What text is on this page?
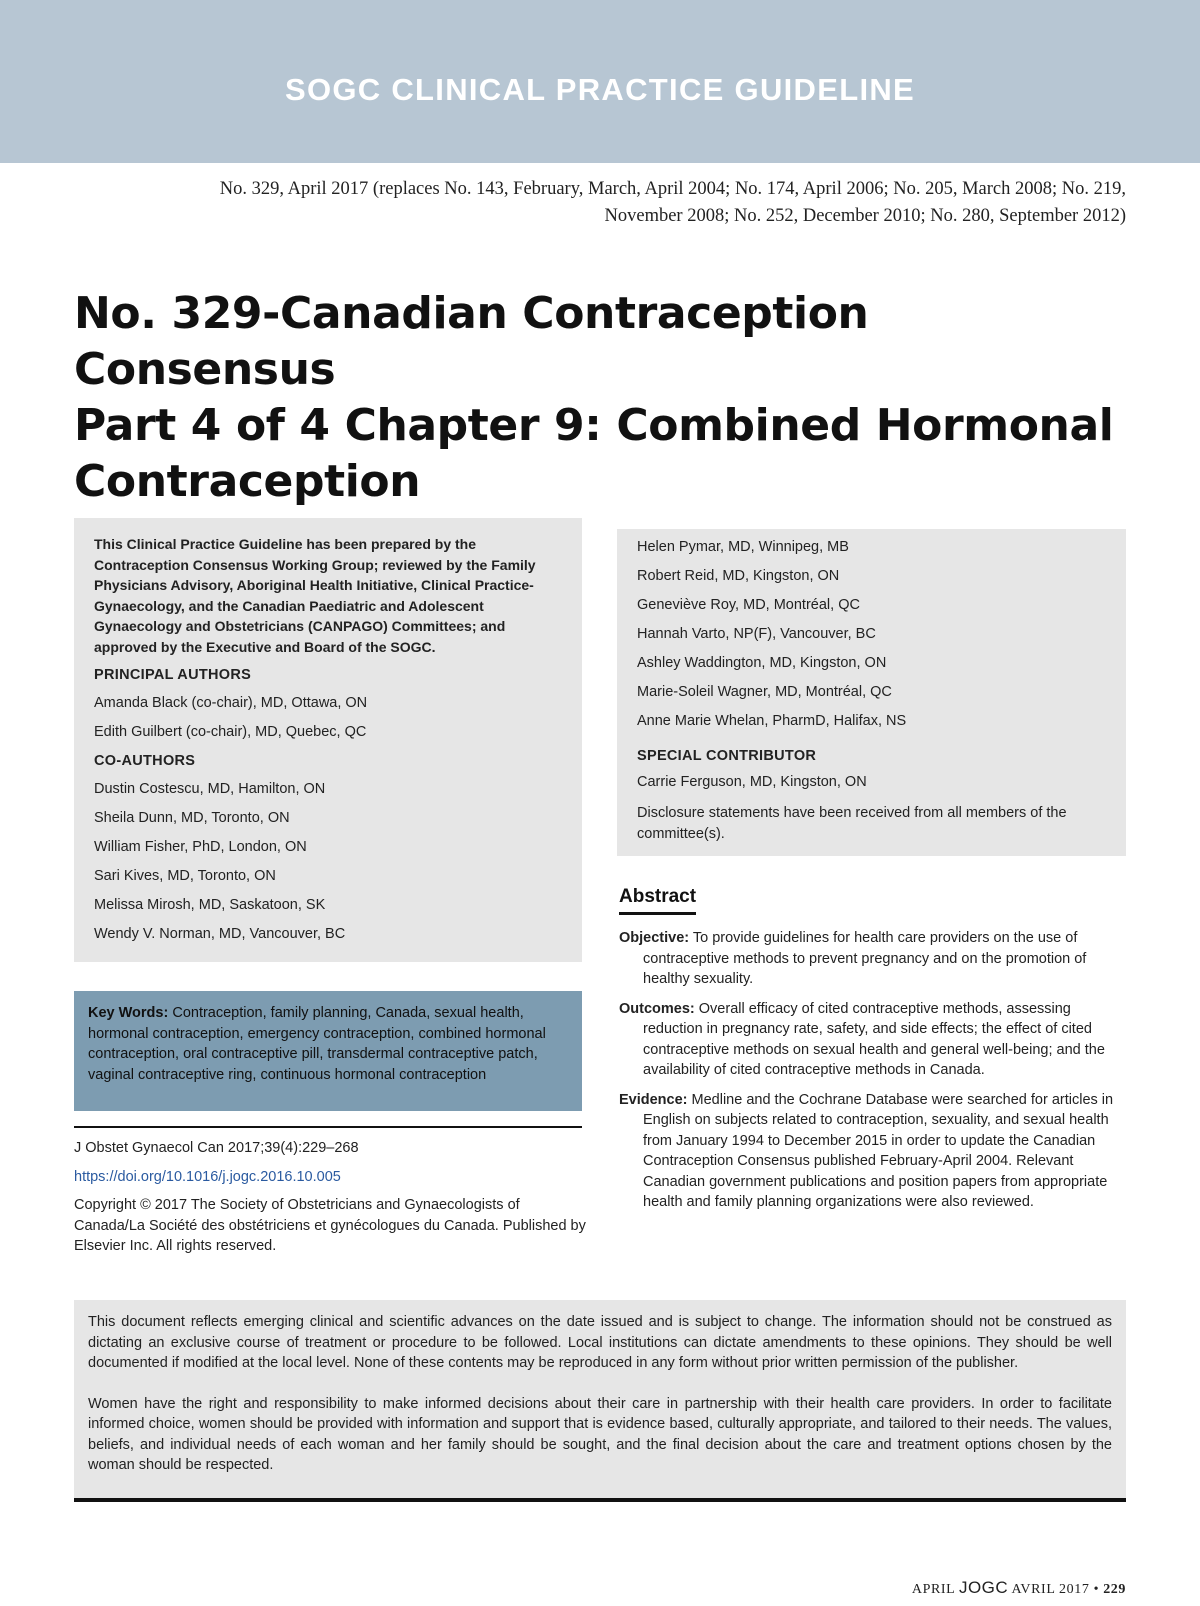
SOGC CLINICAL PRACTICE GUIDELINE
No. 329, April 2017 (replaces No. 143, February, March, April 2004; No. 174, April 2006; No. 205, March 2008; No. 219,
November 2008; No. 252, December 2010; No. 280, September 2012)
No. 329-Canadian Contraception Consensus
Part 4 of 4 Chapter 9: Combined Hormonal
Contraception
This Clinical Practice Guideline has been prepared by the Contraception Consensus Working Group; reviewed by the Family Physicians Advisory, Aboriginal Health Initiative, Clinical Practice-Gynaecology, and the Canadian Paediatric and Adolescent Gynaecology and Obstetricians (CANPAGO) Committees; and approved by the Executive and Board of the SOGC.
PRINCIPAL AUTHORS
Amanda Black (co-chair), MD, Ottawa, ON
Edith Guilbert (co-chair), MD, Quebec, QC
CO-AUTHORS
Dustin Costescu, MD, Hamilton, ON
Sheila Dunn, MD, Toronto, ON
William Fisher, PhD, London, ON
Sari Kives, MD, Toronto, ON
Melissa Mirosh, MD, Saskatoon, SK
Wendy V. Norman, MD, Vancouver, BC
Key Words: Contraception, family planning, Canada, sexual health, hormonal contraception, emergency contraception, combined hormonal contraception, oral contraceptive pill, transdermal contraceptive patch, vaginal contraceptive ring, continuous hormonal contraception
J Obstet Gynaecol Can 2017;39(4):229–268
https://doi.org/10.1016/j.jogc.2016.10.005
Copyright © 2017 The Society of Obstetricians and Gynaecologists of Canada/La Société des obstétriciens et gynécologues du Canada. Published by Elsevier Inc. All rights reserved.
Helen Pymar, MD, Winnipeg, MB
Robert Reid, MD, Kingston, ON
Geneviève Roy, MD, Montréal, QC
Hannah Varto, NP(F), Vancouver, BC
Ashley Waddington, MD, Kingston, ON
Marie-Soleil Wagner, MD, Montréal, QC
Anne Marie Whelan, PharmD, Halifax, NS
SPECIAL CONTRIBUTOR
Carrie Ferguson, MD, Kingston, ON
Disclosure statements have been received from all members of the committee(s).
Abstract
Objective: To provide guidelines for health care providers on the use of contraceptive methods to prevent pregnancy and on the promotion of healthy sexuality.
Outcomes: Overall efficacy of cited contraceptive methods, assessing reduction in pregnancy rate, safety, and side effects; the effect of cited contraceptive methods on sexual health and general well-being; and the availability of cited contraceptive methods in Canada.
Evidence: Medline and the Cochrane Database were searched for articles in English on subjects related to contraception, sexuality, and sexual health from January 1994 to December 2015 in order to update the Canadian Contraception Consensus published February-April 2004. Relevant Canadian government publications and position papers from appropriate health and family planning organizations were also reviewed.

This document reflects emerging clinical and scientific advances on the date issued and is subject to change. The information should not be construed as dictating an exclusive course of treatment or procedure to be followed. Local institutions can dictate amendments to these opinions. They should be well documented if modified at the local level. None of these contents may be reproduced in any form without prior written permission of the publisher.

Women have the right and responsibility to make informed decisions about their care in partnership with their health care providers. In order to facilitate informed choice, women should be provided with information and support that is evidence based, culturally appropriate, and tailored to their needs. The values, beliefs, and individual needs of each woman and her family should be sought, and the final decision about the care and treatment options chosen by the woman should be respected.

APRIL JOGC AVRIL 2017 • 229
